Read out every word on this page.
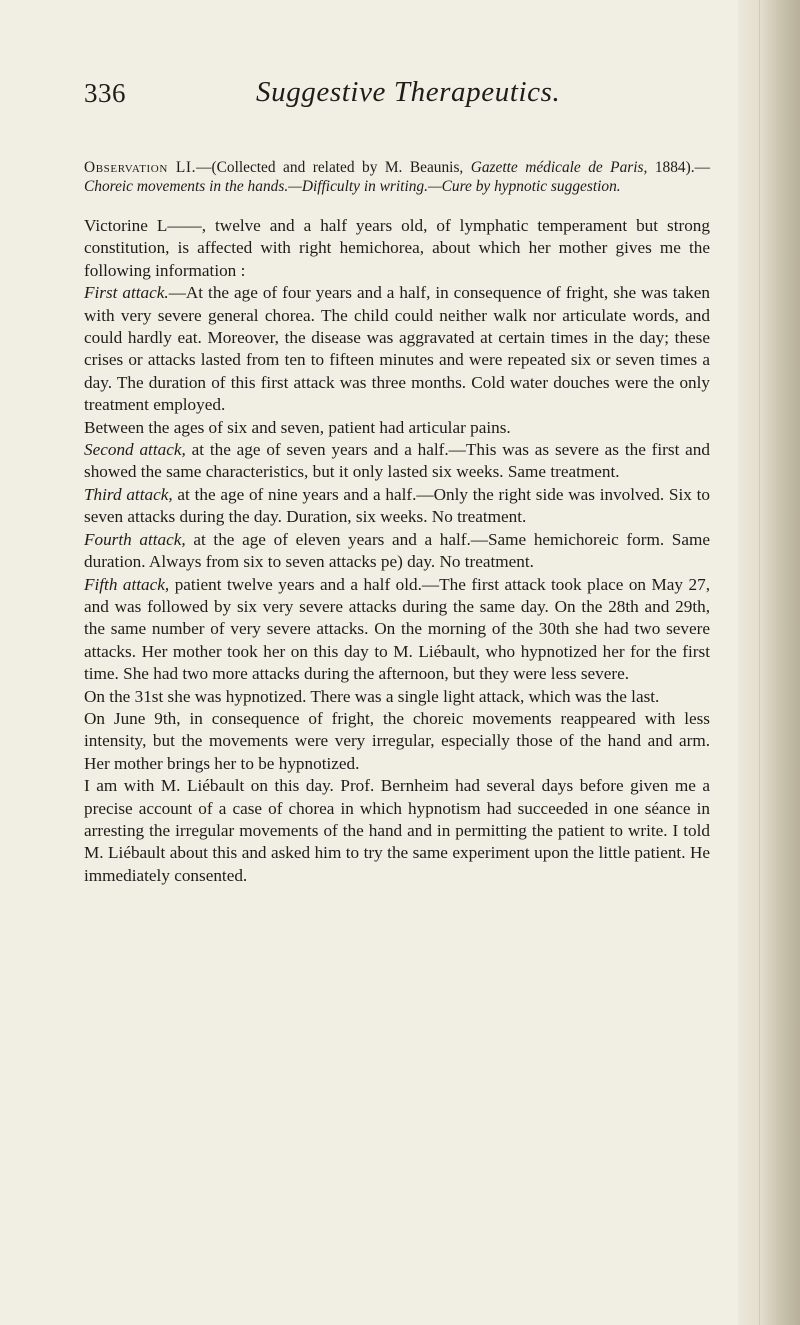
336	Suggestive Therapeutics.
Observation LI.—(Collected and related by M. Beaunis, Gazette médicale de Paris, 1884).—Choreic movements in the hands.—Difficulty in writing.—Cure by hypnotic suggestion.

Victorine L——, twelve and a half years old, of lymphatic temperament but strong constitution, is affected with right hemichorea, about which her mother gives me the following information :

First attack.—At the age of four years and a half, in consequence of fright, she was taken with very severe general chorea. The child could neither walk nor articulate words, and could hardly eat. Moreover, the disease was aggravated at certain times in the day; these crises or attacks lasted from ten to fifteen minutes and were repeated six or seven times a day. The duration of this first attack was three months. Cold water douches were the only treatment employed.

Between the ages of six and seven, patient had articular pains.

Second attack, at the age of seven years and a half.—This was as severe as the first and showed the same characteristics, but it only lasted six weeks. Same treatment.

Third attack, at the age of nine years and a half.—Only the right side was involved. Six to seven attacks during the day. Duration, six weeks. No treatment.

Fourth attack, at the age of eleven years and a half.—Same hemichoreic form. Same duration. Always from six to seven attacks pe) day. No treatment.

Fifth attack, patient twelve years and a half old.—The first attack took place on May 27, and was followed by six very severe attacks during the same day. On the 28th and 29th, the same number of very severe attacks. On the morning of the 30th she had two severe attacks. Her mother took her on this day to M. Liébault, who hypnotized her for the first time. She had two more attacks during the afternoon, but they were less severe.

On the 31st she was hypnotized. There was a single light attack, which was the last.

On June 9th, in consequence of fright, the choreic movements reappeared with less intensity, but the movements were very irregular, especially those of the hand and arm. Her mother brings her to be hypnotized.

I am with M. Liébault on this day. Prof. Bernheim had several days before given me a precise account of a case of chorea in which hypnotism had succeeded in one séance in arresting the irregular movements of the hand and in permitting the patient to write. I told M. Liébault about this and asked him to try the same experiment upon the little patient. He immediately consented.
